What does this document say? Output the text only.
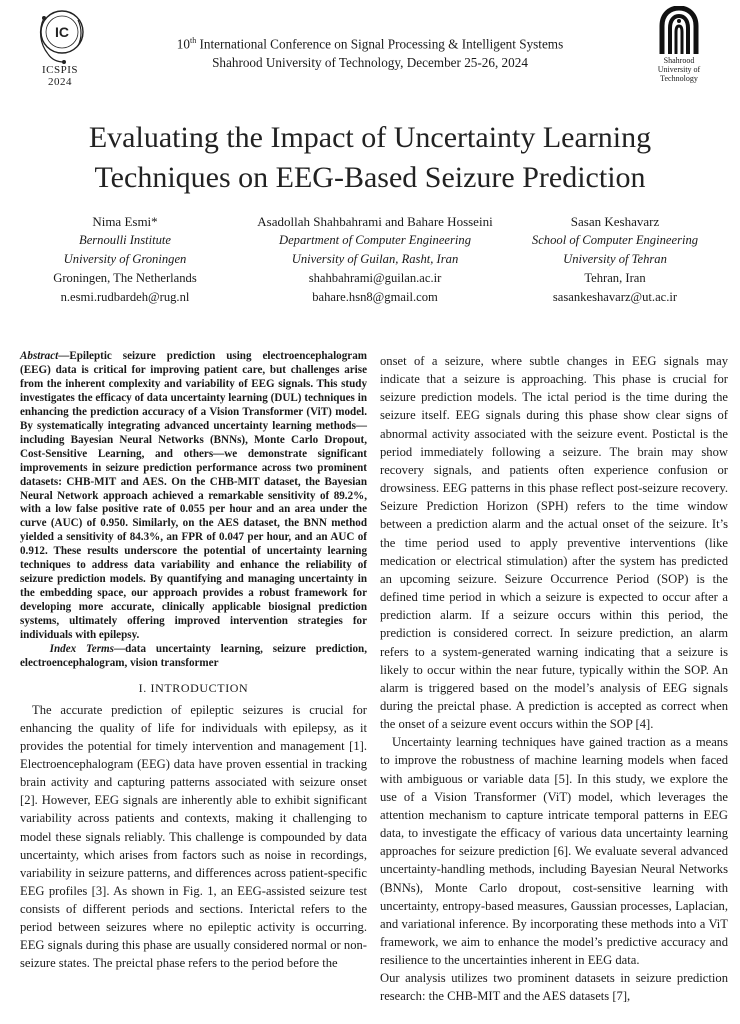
IC
ICSPIS
2024
10th International Conference on Signal Processing & Intelligent Systems
Shahrood University of Technology, December 25-26, 2024	Shahrood
University of
Technology
Evaluating the Impact of Uncertainty Learning
Techniques on EEG-Based Seizure Prediction
Nima Esmi*
Bernoulli Institute
University of Groningen
Groningen, The Netherlands
n.esmi.rudbardeh@rug.nl
Asadollah Shahbahrami and Bahare Hosseini
Department of Computer Engineering
University of Guilan, Rasht, Iran
shahbahrami@guilan.ac.ir
bahare.hsn8@gmail.com
Sasan Keshavarz
School of Computer Engineering
University of Tehran
Tehran, Iran
sasankeshavarz@ut.ac.ir
Abstract—Epileptic seizure prediction using electroencephalogram (EEG) data is critical for improving patient care, but challenges arise from the inherent complexity and variability of EEG signals. This study investigates the efficacy of data uncertainty learning (DUL) techniques in enhancing the prediction accuracy of a Vision Transformer (ViT) model. By systematically integrating advanced uncertainty learning methods—including Bayesian Neural Networks (BNNs), Monte Carlo Dropout, Cost-Sensitive Learning, and others—we demonstrate significant improvements in seizure prediction performance across two prominent datasets: CHB-MIT and AES. On the CHB-MIT dataset, the Bayesian Neural Network approach achieved a remarkable sensitivity of 89.2%, with a low false positive rate of 0.055 per hour and an area under the curve (AUC) of 0.950. Similarly, on the AES dataset, the BNN method yielded a sensitivity of 84.3%, an FPR of 0.047 per hour, and an AUC of 0.912. These results underscore the potential of uncertainty learning techniques to address data variability and enhance the reliability of seizure prediction models. By quantifying and managing uncertainty in the embedding space, our approach provides a robust framework for developing more accurate, clinically applicable biosignal prediction systems, ultimately offering improved intervention strategies for individuals with epilepsy.
Index Terms—data uncertainty learning, seizure prediction, electroencephalogram, vision transformer
I. INTRODUCTION

The accurate prediction of epileptic seizures is crucial for enhancing the quality of life for individuals with epilepsy, as it provides the potential for timely intervention and management [1]. Electroencephalogram (EEG) data have proven essential in tracking brain activity and capturing patterns associated with seizure onset [2]. However, EEG signals are inherently able to exhibit significant variability across patients and contexts, making it challenging to model these signals reliably. This challenge is compounded by data uncertainty, which arises from factors such as noise in recordings, variability in seizure patterns, and differences across patient-specific EEG profiles [3]. As shown in Fig. 1, an EEG-assisted seizure test consists of different periods and sections. Interictal refers to the period between seizures where no epileptic activity is occurring. EEG signals during this phase are usually considered normal or non-seizure states. The preictal phase refers to the period before the

onset of a seizure, where subtle changes in EEG signals may indicate that a seizure is approaching. This phase is crucial for seizure prediction models. The ictal period is the time during the seizure itself. EEG signals during this phase show clear signs of abnormal activity associated with the seizure event. Postictal is the period immediately following a seizure. The brain may show recovery signals, and patients often experience confusion or drowsiness. EEG patterns in this phase reflect post-seizure recovery. Seizure Prediction Horizon (SPH) refers to the time window between a prediction alarm and the actual onset of the seizure. It’s the time period used to apply preventive interventions (like medication or electrical stimulation) after the system has predicted an upcoming seizure. Seizure Occurrence Period (SOP) is the defined time period in which a seizure is expected to occur after a prediction alarm. If a seizure occurs within this period, the prediction is considered correct. In seizure prediction, an alarm refers to a system-generated warning indicating that a seizure is likely to occur within the near future, typically within the SOP. An alarm is triggered based on the model’s analysis of EEG signals during the preictal phase. A prediction is accepted as correct when the onset of a seizure event occurs within the SOP [4].

Uncertainty learning techniques have gained traction as a means to improve the robustness of machine learning models when faced with ambiguous or variable data [5]. In this study, we explore the use of a Vision Transformer (ViT) model, which leverages the attention mechanism to capture intricate temporal patterns in EEG data, to investigate the efficacy of various data uncertainty learning approaches for seizure prediction [6]. We evaluate several advanced uncertainty-handling methods, including Bayesian Neural Networks (BNNs), Monte Carlo dropout, cost-sensitive learning with uncertainty, entropy-based measures, Gaussian processes, Laplacian, and variational inference. By incorporating these methods into a ViT framework, we aim to enhance the model’s predictive accuracy and resilience to the uncertainties inherent in EEG data.

Our analysis utilizes two prominent datasets in seizure prediction research: the CHB-MIT and the AES datasets [7],
